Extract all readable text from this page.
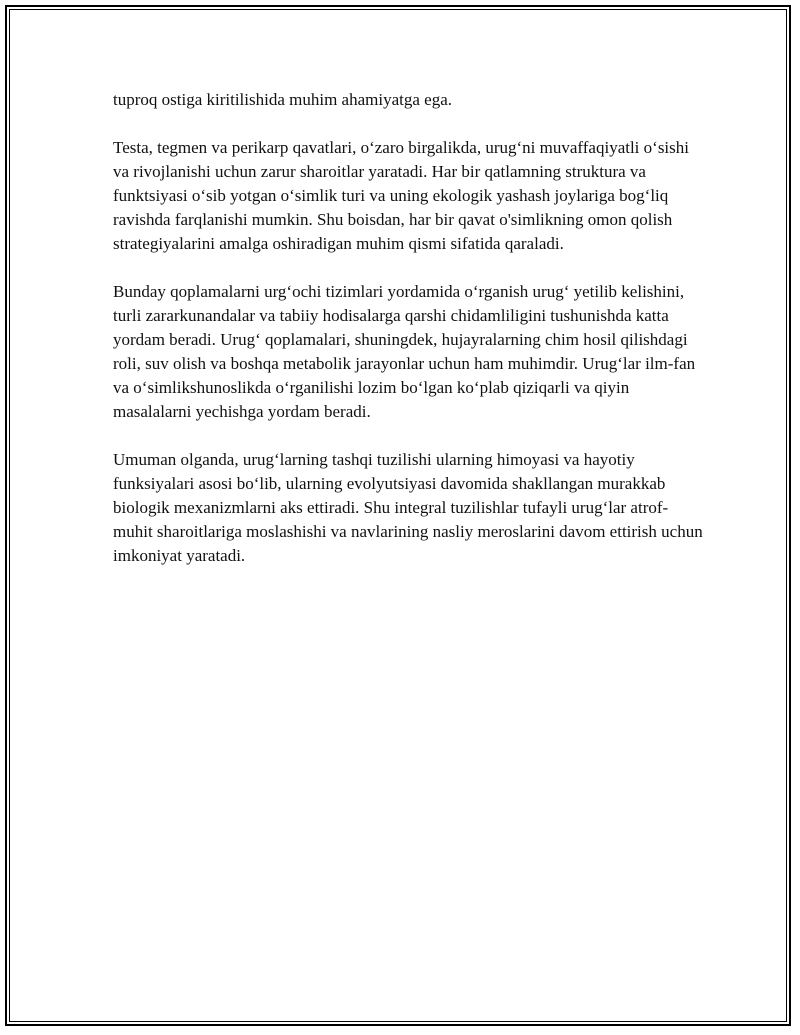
tuproq ostiga kiritilishida muhim ahamiyatga ega.

Testa, tegmen va perikarp qavatlari, o‘zaro birgalikda, urug‘ni muvaffaqiyatli o‘sishi va rivojlanishi uchun zarur sharoitlar yaratadi. Har bir qatlamning struktura va funktsiyasi o‘sib yotgan o‘simlik turi va uning ekologik yashash joylariga bog‘liq ravishda farqlanishi mumkin. Shu boisdan, har bir qavat o'simlikning omon qolish strategiyalarini amalga oshiradigan muhim qismi sifatida qaraladi.

Bunday qoplamalarni urg‘ochi tizimlari yordamida o‘rganish urug‘ yetilib kelishini, turli zararkunandalar va tabiiy hodisalarga qarshi chidamliligini tushunishda katta yordam beradi. Urug‘ qoplamalari, shuningdek, hujayralarning chim hosil qilishdagi roli, suv olish va boshqa metabolik jarayonlar uchun ham muhimdir. Urug‘lar ilm-fan va o‘simlikshunoslikda o‘rganilishi lozim bo‘lgan ko‘plab qiziqarli va qiyin masalalarni yechishga yordam beradi.

Umuman olganda, urug‘larning tashqi tuzilishi ularning himoyasi va hayotiy funksiyalari asosi bo‘lib, ularning evolyutsiyasi davomida shakllangan murakkab biologik mexanizmlarni aks ettiradi. Shu integral tuzilishlar tufayli urug‘lar atrof-muhit sharoitlariga moslashishi va navlarining nasliy meroslarini davom ettirish uchun imkoniyat yaratadi.
